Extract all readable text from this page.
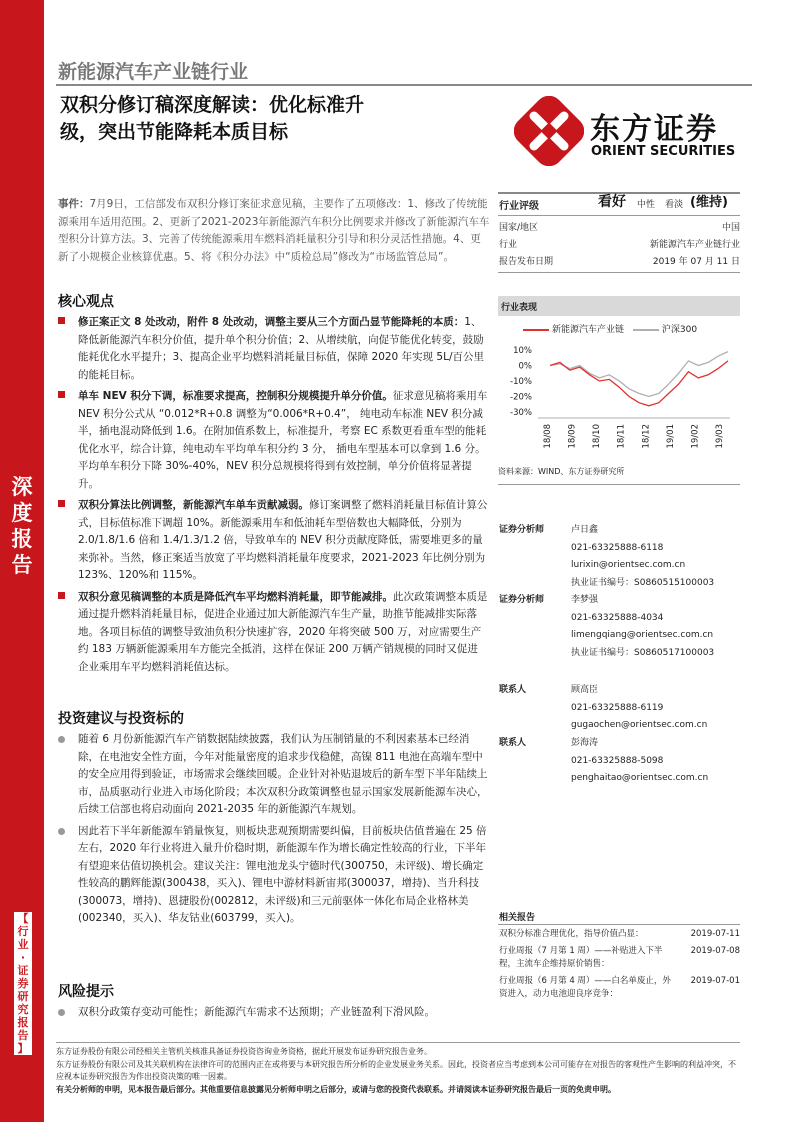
深
度
报
告
【
行
业
·
证
券
研
究
报
告
】
新能源汽车产业链行业
双积分修订稿深度解读：优化标准升
级，突出节能降耗本质目标	东方证券
ORIENT SECURITIES
事件：7月9日，工信部发布双积分修订案征求意见稿，主要作了五项修改：1、修改了传统能源乘用车适用范围。2、更新了2021-2023年新能源汽车积分比例要求并修改了新能源汽车车型积分计算方法。3、完善了传统能源乘用车燃料消耗量积分引导和积分灵活性措施。4、更新了小规模企业核算优惠。5、将《积分办法》中“质检总局”修改为“市场监管总局”。
核心观点
修正案正文 8 处改动，附件 8 处改动，调整主要从三个方面凸显节能降耗的本质：1、降低新能源汽车积分价值，提升单个积分价值；2、从增续航，向促节能优化转变，鼓励能耗优化水平提升；3、提高企业平均燃料消耗量目标值，保障 2020 年实现 5L/百公里的能耗目标。
单车 NEV 积分下调，标准要求提高，控制积分规模提升单分价值。征求意见稿将乘用车 NEV 积分公式从 “0.012*R+0.8 调整为“0.006*R+0.4”， 纯电动车标准 NEV 积分减半，插电混动降低到 1.6。在附加值系数上，标准提升，考察 EC 系数更看重车型的能耗优化水平，综合计算，纯电动车平均单车积分约 3 分， 插电车型基本可以拿到 1.6 分。平均单车积分下降 30%-40%，NEV 积分总规模将得到有效控制，单分价值将显著提升。
双积分算法比例调整，新能源汽车单车贡献减弱。修订案调整了燃料消耗量目标值计算公式，目标值标准下调超 10%。新能源乘用车和低油耗车型倍数也大幅降低，分别为 2.0/1.8/1.6 倍和 1.4/1.3/1.2 倍，导致单车的 NEV 积分贡献度降低，需要堆更多的量来弥补。当然，修正案适当放宽了平均燃料消耗量年度要求，2021-2023 年比例分别为 123%、120%和 115%。
双积分意见稿调整的本质是降低汽车平均燃料消耗量，即节能减排。此次政策调整本质是通过提升燃料消耗量目标，促进企业通过加大新能源汽车生产量，助推节能减排实际落地。各项目标值的调整导致油负积分快速扩容，2020 年将突破 500 万，对应需要生产约 183 万辆新能源乘用车方能完全抵消，这样在保证 200 万辆产销规模的同时又促进企业乘用车平均燃料消耗值达标。
投资建议与投资标的
随着 6 月份新能源汽车产销数据陆续披露，我们认为压制销量的不利因素基本已经消除，在电池安全性方面，今年对能量密度的追求步伐稳健，高镍 811 电池在高端车型中的安全应用得到验证，市场需求会继续回暖。企业针对补贴退坡后的新车型下半年陆续上市，品质驱动行业进入市场化阶段；本次双积分政策调整也显示国家发展新能源车决心，后续工信部也将启动面向 2021-2035 年的新能源汽车规划。
因此若下半年新能源车销量恢复，则板块悲观预期需要纠偏，目前板块估值普遍在 25 倍左右，2020 年行业将进入量升价稳时期，新能源车作为增长确定性较高的行业，下半年有望迎来估值切换机会。建议关注：锂电池龙头宁德时代(300750，未评级)、增长确定性较高的鹏辉能源(300438，买入)、锂电中游材料新宙邦(300037，增持)、当升科技(300073，增持)、恩捷股份(002812，未评级)和三元前驱体一体化布局企业格林美(002340，买入)、华友钴业(603799，买入)。
风险提示
双积分政策存变动可能性；新能源汽车需求不达预期；产业链盈利下滑风险。
行业评级	看好 中性 看淡 (维持)
国家/地区	中国
行业	新能源汽车产业链行业
报告发布日期	2019 年 07 月 11 日
行业表现
新能源汽车产业链	沪深300
10%
0%
-10%
-20%
-30%
18/08 18/09 18/10 18/11 18/12 19/01 19/02 19/03
资料来源：WIND、东方证券研究所
证券分析师	卢日鑫
021-63325888-6118
lurixin@orientsec.com.cn
执业证书编号：S0860515100003
证券分析师	李梦强
021-63325888-4034
limengqiang@orientsec.com.cn
执业证书编号：S0860517100003
联系人	顾高臣
021-63325888-6119
gugaochen@orientsec.com.cn
联系人	彭海涛
021-63325888-5098
penghaitao@orientsec.com.cn
相关报告
双积分标准合理优化，指导价值凸显：	2019-07-11
行业周报（7 月第 1 周）——补贴进入下半程，主流车企维持原价销售：
2019-07-08
行业周报（6 月第 4 周）——白名单废止，外资进入，动力电池迎良序竞争：
2019-07-01
东方证券股份有限公司经相关主管机关核准具备证券投资咨询业务资格，据此开展发布证券研究报告业务。
东方证券股份有限公司及其关联机构在法律许可的范围内正在或将要与本研究报告所分析的企业发展业务关系。因此，投资者应当考虑到本公司可能存在对报告的客观性产生影响的利益冲突，不应视本证券研究报告为作出投资决策的唯一因素。
有关分析师的申明，见本报告最后部分。其他重要信息披露见分析师申明之后部分，或请与您的投资代表联系。并请阅读本证券研究报告最后一页的免责申明。
